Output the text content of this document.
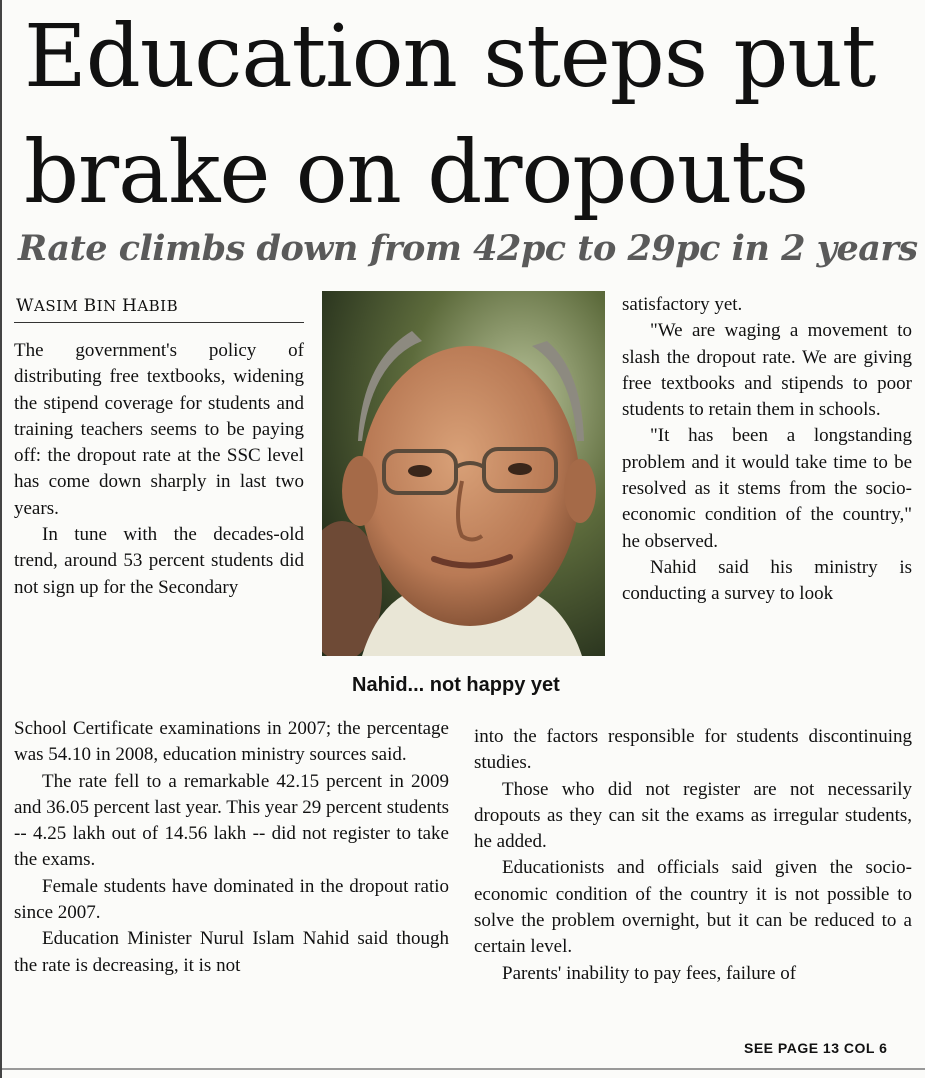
Education steps put
brake on dropouts
Rate climbs down from 42pc to 29pc in 2 years
WASIM BIN HABIB

The government's policy of distributing free textbooks, widening the stipend coverage for students and training teachers seems to be paying off: the dropout rate at the SSC level has come down sharply in last two years.

In tune with the decades-old trend, around 53 percent students did not sign up for the Secondary

Nahid... not happy yet

School Certificate examinations in 2007; the percentage was 54.10 in 2008, education ministry sources said.

The rate fell to a remarkable 42.15 percent in 2009 and 36.05 percent last year. This year 29 percent students -- 4.25 lakh out of 14.56 lakh -- did not register to take the exams.

Female students have dominated in the dropout ratio since 2007.

Education Minister Nurul Islam Nahid said though the rate is decreasing, it is not

satisfactory yet.

"We are waging a movement to slash the dropout rate. We are giving free textbooks and stipends to poor students to retain them in schools.

"It has been a longstanding problem and it would take time to be resolved as it stems from the socio-economic condition of the country," he observed.

Nahid said his ministry is conducting a survey to look

into the factors responsible for students discontinuing studies.

Those who did not register are not necessarily dropouts as they can sit the exams as irregular students, he added.

Educationists and officials said given the socio-economic condition of the country it is not possible to solve the problem overnight, but it can be reduced to a certain level.

Parents' inability to pay fees, failure of

SEE PAGE 13 COL 6
